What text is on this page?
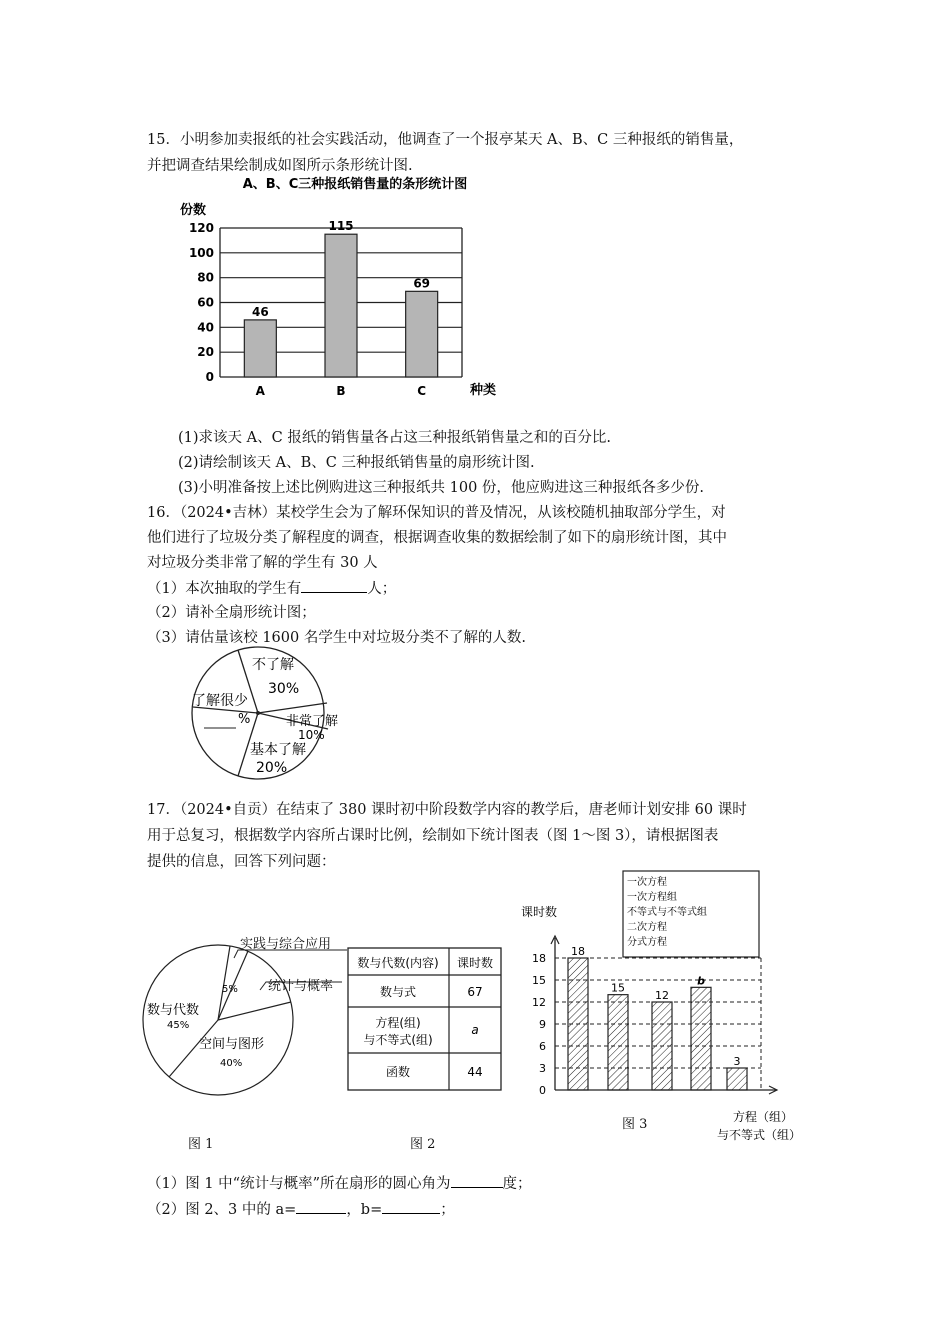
15．小明参加卖报纸的社会实践活动，他调查了一个报亭某天 A、B、C 三种报纸的销售量，
并把调查结果绘制成如图所示条形统计图.
A、B、C三种报纸销售量的条形统计图
份数
种类
0
20
40
60
80
100
120
46
A
115
B
69
C
(1)求该天 A、C 报纸的销售量各占这三种报纸销售量之和的百分比.
(2)请绘制该天 A、B、C 三种报纸销售量的扇形统计图.
(3)小明准备按上述比例购进这三种报纸共 100 份，他应购进这三种报纸各多少份.
16．（2024•吉林）某校学生会为了解环保知识的普及情况，从该校随机抽取部分学生，对
他们进行了垃圾分类了解程度的调查，根据调查收集的数据绘制了如下的扇形统计图，其中
对垃圾分类非常了解的学生有 30 人
（1）本次抽取的学生有	人；
（2）请补全扇形统计图；
（3）请估量该校 1600 名学生中对垃圾分类不了解的人数.
不了解
30%
了解很少
%	非常了解
10%
基本了解
20%
17．（2024•自贡）在结束了 380 课时初中阶段数学内容的教学后，唐老师计划安排 60 课时
用于总复习，根据数学内容所占课时比例，绘制如下统计图表（图 1～图 3），请根据图表
提供的信息，回答下列问题：
5%
数与代数
45%
空间与图形
40%
实践与综合应用
统计与概率
数与代数(内容) 课时数
数与式	67
方程(组)
与不等式(组)
a
函数	44
一次方程
一次方程组
不等式与不等式组
二次方程
分式方程
课时数
0
3
6
9
12
15
18
18
15
12
b
3
方程（组）
与不等式（组）
图 1	图 2
图 3
（1）图 1 中“统计与概率”所在扇形的圆心角为	度；
（2）图 2、3 中的 a=	，b=	；
